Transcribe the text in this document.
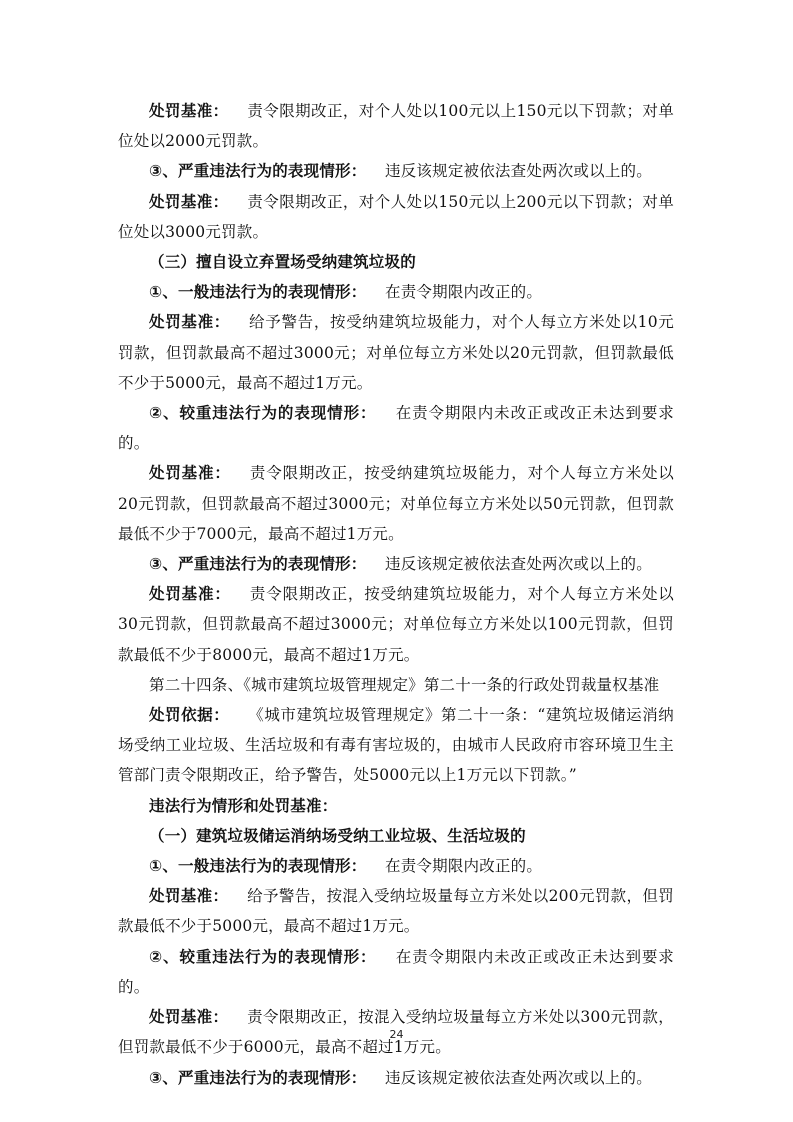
处罚基准： 责令限期改正，对个人处以100元以上150元以下罚款；对单位处以2000元罚款。

③、严重违法行为的表现情形： 违反该规定被依法查处两次或以上的。

处罚基准： 责令限期改正，对个人处以150元以上200元以下罚款；对单位处以3000元罚款。

（三）擅自设立弃置场受纳建筑垃圾的

①、一般违法行为的表现情形： 在责令期限内改正的。

处罚基准： 给予警告，按受纳建筑垃圾能力，对个人每立方米处以10元罚款，但罚款最高不超过3000元；对单位每立方米处以20元罚款，但罚款最低不少于5000元，最高不超过1万元。

②、较重违法行为的表现情形： 在责令期限内未改正或改正未达到要求的。

处罚基准： 责令限期改正，按受纳建筑垃圾能力，对个人每立方米处以20元罚款，但罚款最高不超过3000元；对单位每立方米处以50元罚款，但罚款最低不少于7000元，最高不超过1万元。

③、严重违法行为的表现情形： 违反该规定被依法查处两次或以上的。

处罚基准： 责令限期改正，按受纳建筑垃圾能力，对个人每立方米处以30元罚款，但罚款最高不超过3000元；对单位每立方米处以100元罚款，但罚款最低不少于8000元，最高不超过1万元。

第二十四条、《城市建筑垃圾管理规定》第二十一条的行政处罚裁量权基准

处罚依据： 《城市建筑垃圾管理规定》第二十一条：“建筑垃圾储运消纳场受纳工业垃圾、生活垃圾和有毒有害垃圾的，由城市人民政府市容环境卫生主管部门责令限期改正，给予警告，处5000元以上1万元以下罚款。”

违法行为情形和处罚基准：

（一）建筑垃圾储运消纳场受纳工业垃圾、生活垃圾的

①、一般违法行为的表现情形： 在责令期限内改正的。

处罚基准： 给予警告，按混入受纳垃圾量每立方米处以200元罚款，但罚款最低不少于5000元，最高不超过1万元。

②、较重违法行为的表现情形： 在责令期限内未改正或改正未达到要求的。

处罚基准： 责令限期改正，按混入受纳垃圾量每立方米处以300元罚款，但罚款最低不少于6000元，最高不超过1万元。

③、严重违法行为的表现情形： 违反该规定被依法查处两次或以上的。

24
